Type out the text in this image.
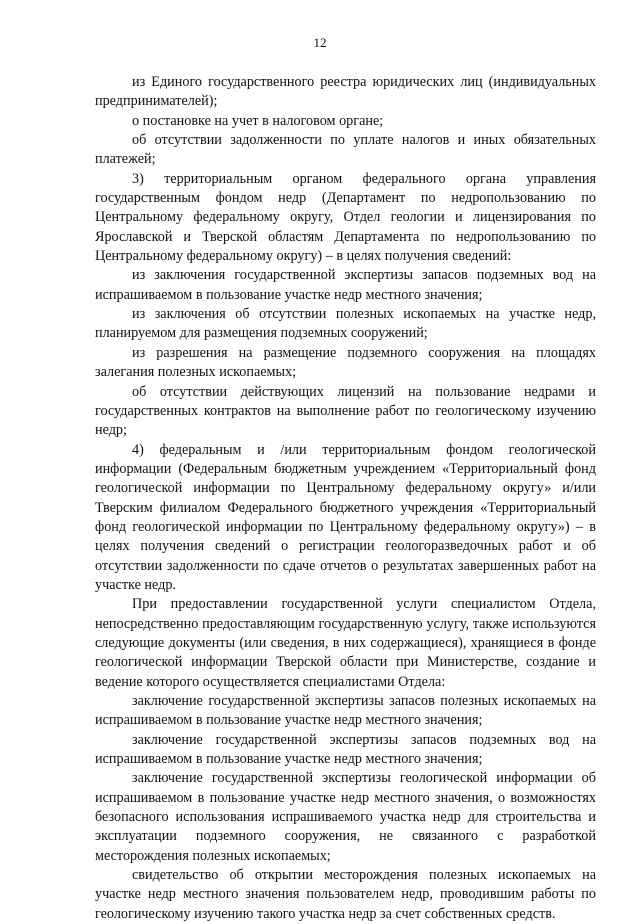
12

из Единого государственного реестра юридических лиц (индивидуальных предпринимателей);

о постановке на учет в налоговом органе;

об отсутствии задолженности по уплате налогов и иных обязательных платежей;

3) территориальным органом федерального органа управления государственным фондом недр (Департамент по недропользованию по Центральному федеральному округу, Отдел геологии и лицензирования по Ярославской и Тверской областям Департамента по недропользованию по Центральному федеральному округу) – в целях получения сведений:

из заключения государственной экспертизы запасов подземных вод на испрашиваемом в пользование участке недр местного значения;

из заключения об отсутствии полезных ископаемых на участке недр, планируемом для размещения подземных сооружений;

из разрешения на размещение подземного сооружения на площадях залегания полезных ископаемых;

об отсутствии действующих лицензий на пользование недрами и государственных контрактов на выполнение работ по геологическому изучению недр;

4) федеральным и /или территориальным фондом геологической информации (Федеральным бюджетным учреждением «Территориальный фонд геологической информации по Центральному федеральному округу» и/или Тверским филиалом Федерального бюджетного учреждения «Территориальный фонд геологической информации по Центральному федеральному округу») – в целях получения сведений о регистрации геологоразведочных работ и об отсутствии задолженности по сдаче отчетов о результатах завершенных работ на участке недр.

При предоставлении государственной услуги специалистом Отдела, непосредственно предоставляющим государственную услугу, также используются следующие документы (или сведения, в них содержащиеся), хранящиеся в фонде геологической информации Тверской области при Министерстве, создание и ведение которого осуществляется специалистами Отдела:

заключение государственной экспертизы запасов полезных ископаемых на испрашиваемом в пользование участке недр местного значения;

заключение государственной экспертизы запасов подземных вод на испрашиваемом в пользование участке недр местного значения;

заключение государственной экспертизы геологической информации об испрашиваемом в пользование участке недр местного значения, о возможностях безопасного использования испрашиваемого участка недр для строительства и эксплуатации подземного сооружения, не связанного с разработкой месторождения полезных ископаемых;

свидетельство об открытии месторождения полезных ископаемых на участке недр местного значения пользователем недр, проводившим работы по геологическому изучению такого участка недр за счет собственных средств.
